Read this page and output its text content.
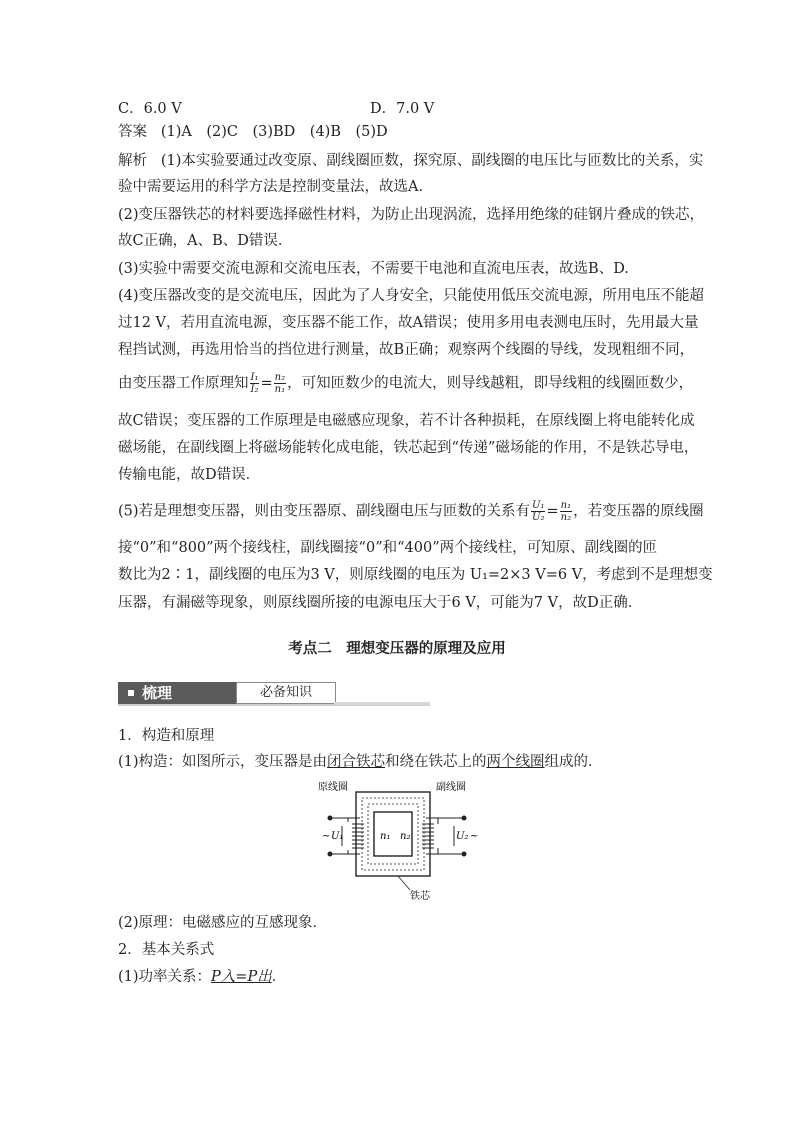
C．6.0 V	D．7.0 V
答案 (1)A　(2)C　(3)BD　(4)B　(5)D
解析 (1)本实验要通过改变原、副线圈匝数，探究原、副线圈的电压比与匝数比的关系，实
验中需要运用的科学方法是控制变量法，故选A.
(2)变压器铁芯的材料要选择磁性材料，为防止出现涡流，选择用绝缘的硅钢片叠成的铁芯，
故C正确，A、B、D错误．
(3)实验中需要交流电源和交流电压表，不需要干电池和直流电压表，故选B、D.
(4)变压器改变的是交流电压，因此为了人身安全，只能使用低压交流电源，所用电压不能超
过12 V，若用直流电源，变压器不能工作，故A错误；使用多用电表测电压时，先用最大量
程挡试测，再选用恰当的挡位进行测量，故B正确；观察两个线圈的导线，发现粗细不同，
由变压器工作原理知 $\frac{\text{I₁}}{\text{I₂}} = \frac{\text{n₂}}{\text{n₁}}$ ，可知匝数少的电流大，则导线越粗，即导线粗的线圈匝数少，
故C错误；变压器的工作原理是电磁感应现象，若不计各种损耗，在原线圈上将电能转化成
磁场能，在副线圈上将磁场能转化成电能，铁芯起到“传递”磁场能的作用，不是铁芯导电，
传输电能，故D错误．
(5)若是理想变压器，则由变压器原、副线圈电压与匝数的关系有 $\frac{\text{U₁}}{\text{U₂}} = \frac{\text{n₁}}{\text{n₂}}$ ，若变压器的原线圈
接“0”和“800”两个接线柱，副线圈接“0”和“400”两个接线柱，可知原、副线圈的匝
数比为2∶1，副线圈的电压为3 V，则原线圈的电压为 U₁=2×3 V=6 V，考虑到不是理想变
压器，有漏磁等现象，则原线圈所接的电源电压大于6 V，可能为7 V，故D正确．
考点二　理想变压器的原理及应用
梳理	必备知识
1．构造和原理
(1)构造：如图所示，变压器是由闭合铁芯和绕在铁芯上的两个线圈组成的．
原线圈	副线圈
铁芯
~ U₁	n₁ n₂	U₂ ~
(2)原理：电磁感应的互感现象．
2．基本关系式
(1)功率关系：P入=P出．
